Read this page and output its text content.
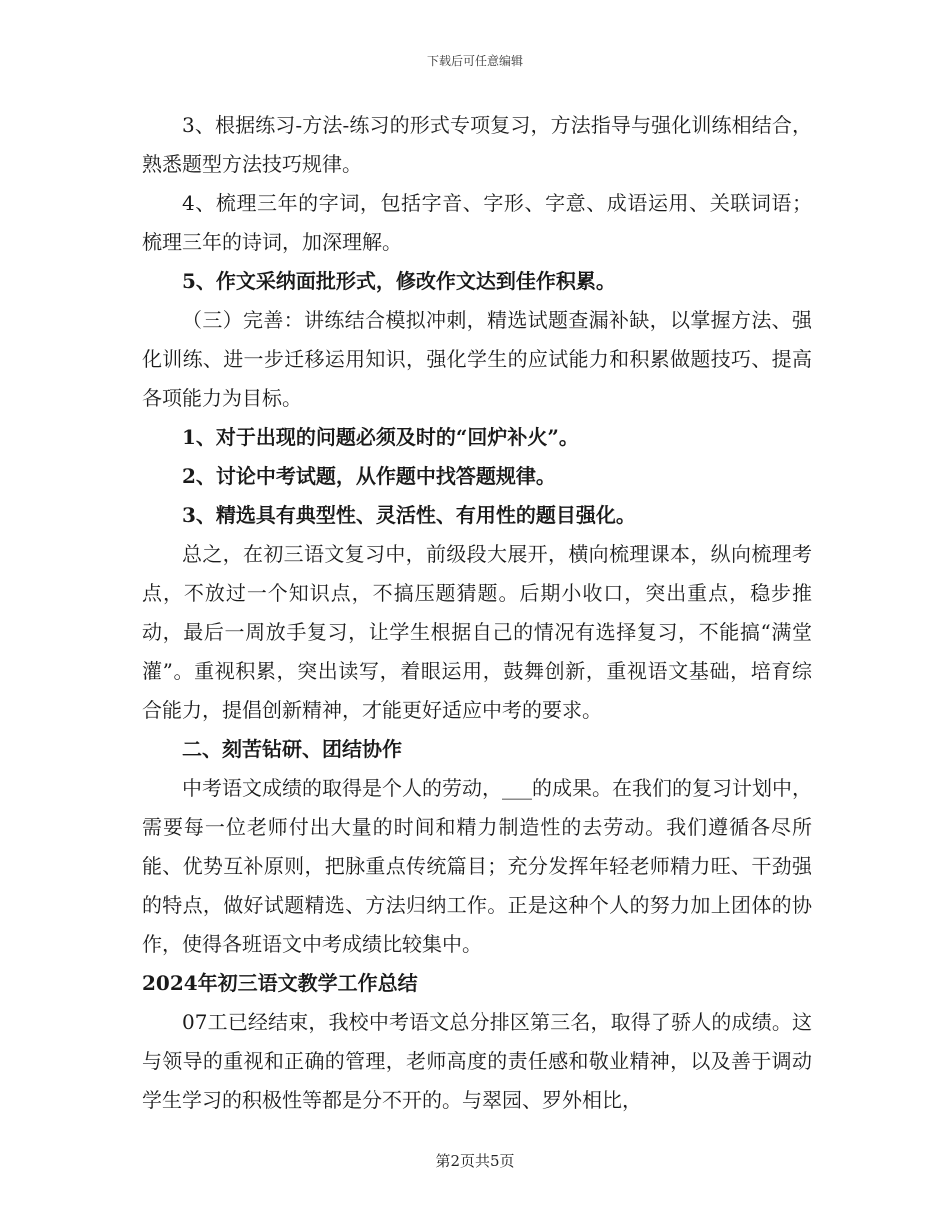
下载后可任意编辑

3、根据练习-方法-练习的形式专项复习，方法指导与强化训练相结合，熟悉题型方法技巧规律。

4、梳理三年的字词，包括字音、字形、字意、成语运用、关联词语；梳理三年的诗词，加深理解。

5、作文采纳面批形式，修改作文达到佳作积累。

（三）完善：讲练结合模拟冲刺，精选试题查漏补缺，以掌握方法、强化训练、进一步迁移运用知识，强化学生的应试能力和积累做题技巧、提高各项能力为目标。

1、对于出现的问题必须及时的“回炉补火”。

2、讨论中考试题，从作题中找答题规律。

3、精选具有典型性、灵活性、有用性的题目强化。

总之，在初三语文复习中，前级段大展开，横向梳理课本，纵向梳理考点，不放过一个知识点，不搞压题猜题。后期小收口，突出重点，稳步推动，最后一周放手复习，让学生根据自己的情况有选择复习，不能搞“满堂灌”。重视积累，突出读写，着眼运用，鼓舞创新，重视语文基础，培育综合能力，提倡创新精神，才能更好适应中考的要求。

二、刻苦钻研、团结协作

中考语文成绩的取得是个人的劳动，___的成果。在我们的复习计划中，需要每一位老师付出大量的时间和精力制造性的去劳动。我们遵循各尽所能、优势互补原则，把脉重点传统篇目；充分发挥年轻老师精力旺、干劲强的特点，做好试题精选、方法归纳工作。正是这种个人的努力加上团体的协作，使得各班语文中考成绩比较集中。

2024年初三语文教学工作总结

07工已经结束，我校中考语文总分排区第三名，取得了骄人的成绩。这与领导的重视和正确的管理，老师高度的责任感和敬业精神，以及善于调动学生学习的积极性等都是分不开的。与翠园、罗外相比，

第2页共5页
